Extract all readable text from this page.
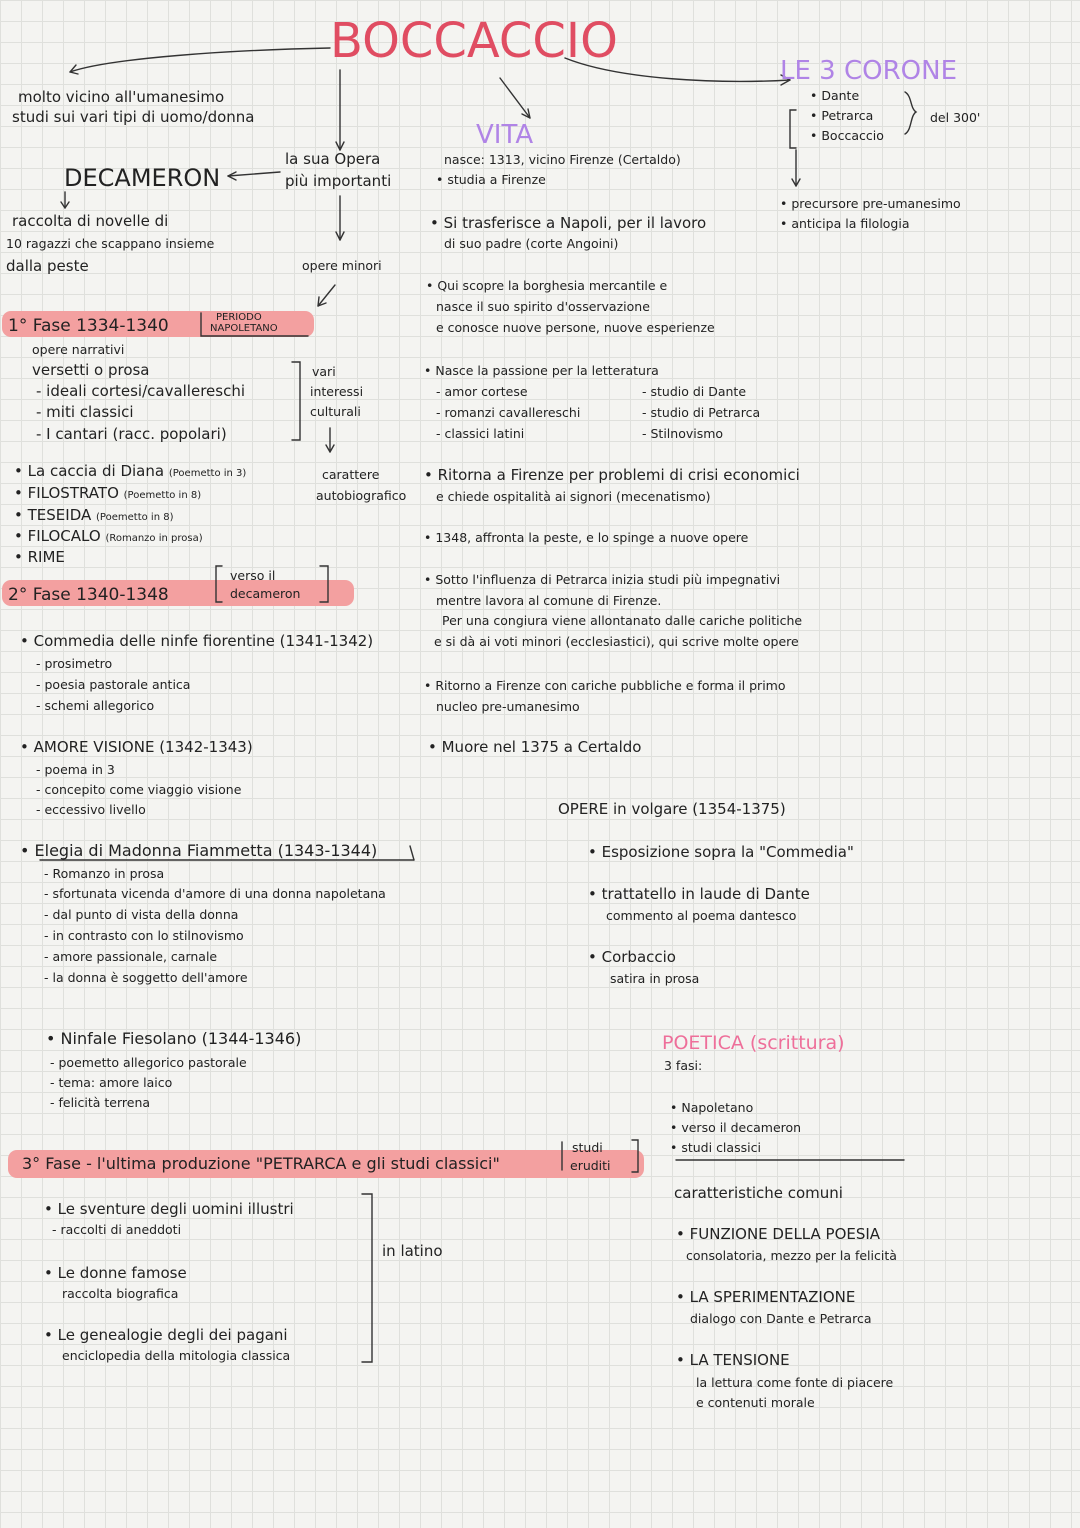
BOCCACCIO
molto vicino all'umanesimo
studi sui vari tipi di uomo/donna
DECAMERON
la sua Opera
più importanti
raccolta di novelle di
10 ragazzi che scappano insieme
dalla peste	opere minori
1° Fase 1334-1340	PERIODO
NAPOLETANO
opere narrativi
versetti o prosa
- ideali cortesi/cavallereschi
- miti classici
- I cantari (racc. popolari)
vari
interessi
culturali
carattere
autobiografico
• La caccia di Diana (Poemetto in 3)
• FILOSTRATO (Poemetto in 8)
• TESEIDA (Poemetto in 8)
• FILOCALO (Romanzo in prosa)
• RIME
2° Fase 1340-1348
verso il
decameron
• Commedia delle ninfe fiorentine (1341-1342)
- prosimetro
- poesia pastorale antica
- schemi allegorico
• AMORE VISIONE (1342-1343)
- poema in 3
- concepito come viaggio visione
- eccessivo livello
• Elegia di Madonna Fiammetta (1343-1344)
- Romanzo in prosa
- sfortunata vicenda d'amore di una donna napoletana
- dal punto di vista della donna
- in contrasto con lo stilnovismo
- amore passionale, carnale
- la donna è soggetto dell'amore
• Ninfale Fiesolano (1344-1346)
- poemetto allegorico pastorale
- tema: amore laico
- felicità terrena
3° Fase - l'ultima produzione "PETRARCA e gli studi classici"
studi
eruditi
• Le sventure degli uomini illustri
- raccolti di aneddoti
• Le donne famose
raccolta biografica
• Le genealogie degli dei pagani
enciclopedia della mitologia classica
in latino
VITA
nasce: 1313, vicino Firenze (Certaldo)
• studia a Firenze
• Si trasferisce a Napoli, per il lavoro
di suo padre (corte Angoini)
• Qui scopre la borghesia mercantile e
nasce il suo spirito d'osservazione
e conosce nuove persone, nuove esperienze
• Nasce la passione per la letteratura
- amor cortese
- romanzi cavallereschi
- classici latini
- studio di Dante
- studio di Petrarca
- Stilnovismo
• Ritorna a Firenze per problemi di crisi economici
e chiede ospitalità ai signori (mecenatismo)
• 1348, affronta la peste, e lo spinge a nuove opere
• Sotto l'influenza di Petrarca inizia studi più impegnativi
mentre lavora al comune di Firenze.
Per una congiura viene allontanato dalle cariche politiche
e si dà ai voti minori (ecclesiastici), qui scrive molte opere
• Ritorno a Firenze con cariche pubbliche e forma il primo
nucleo pre-umanesimo
• Muore nel 1375 a Certaldo
LE 3 CORONE
• Dante
• Petrarca
• Boccaccio
del 300'
• precursore pre-umanesimo
• anticipa la filologia
OPERE in volgare (1354-1375)
• Esposizione sopra la "Commedia"
• trattatello in laude di Dante
commento al poema dantesco
• Corbaccio
satira in prosa
POETICA (scrittura)
3 fasi:
• Napoletano
• verso il decameron
• studi classici
caratteristiche comuni
• FUNZIONE DELLA POESIA
consolatoria, mezzo per la felicità
• LA SPERIMENTAZIONE
dialogo con Dante e Petrarca
• LA TENSIONE
la lettura come fonte di piacere
e contenuti morale
